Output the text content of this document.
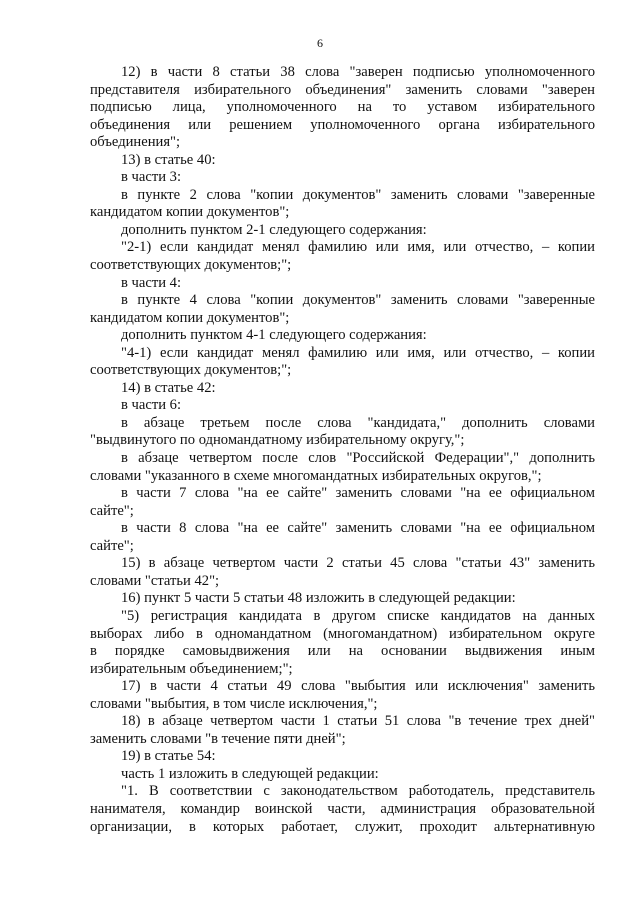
6

12) в части 8 статьи 38 слова "заверен подписью уполномоченного

представителя избирательного объединения" заменить словами "заверен

подписью лица, уполномоченного на то уставом избирательного

объединения или решением уполномоченного органа избирательного

объединения";

13) в статье 40:

в части 3:

в пункте 2 слова "копии документов" заменить словами "заверенные

кандидатом копии документов";

дополнить пунктом 2-1 следующего содержания:

"2-1) если кандидат менял фамилию или имя, или отчество, – копии

соответствующих документов;";

в части 4:

в пункте 4 слова "копии документов" заменить словами "заверенные

кандидатом копии документов";

дополнить пунктом 4-1 следующего содержания:

"4-1) если кандидат менял фамилию или имя, или отчество, – копии

соответствующих документов;";

14) в статье 42:

в части 6:

в абзаце третьем после слова "кандидата," дополнить словами

"выдвинутого по одномандатному избирательному округу,";

в абзаце четвертом после слов "Российской Федерации"," дополнить

словами "указанного в схеме многомандатных избирательных округов,";

в части 7 слова "на ее сайте" заменить словами "на ее официальном

сайте";

в части 8 слова "на ее сайте" заменить словами "на ее официальном

сайте";

15) в абзаце четвертом части 2 статьи 45 слова "статьи 43" заменить

словами "статьи 42";

16) пункт 5 части 5 статьи 48 изложить в следующей редакции:

"5) регистрация кандидата в другом списке кандидатов на данных

выборах либо в одномандатном (многомандатном) избирательном округе

в порядке самовыдвижения или на основании выдвижения иным

избирательным объединением;";

17) в части 4 статьи 49 слова "выбытия или исключения" заменить

словами "выбытия, в том числе исключения,";

18) в абзаце четвертом части 1 статьи 51 слова "в течение трех дней"

заменить словами "в течение пяти дней";

19) в статье 54:

часть 1 изложить в следующей редакции:

"1. В соответствии с законодательством работодатель, представитель

нанимателя, командир воинской части, администрация образовательной

организации, в которых работает, служит, проходит альтернативную
